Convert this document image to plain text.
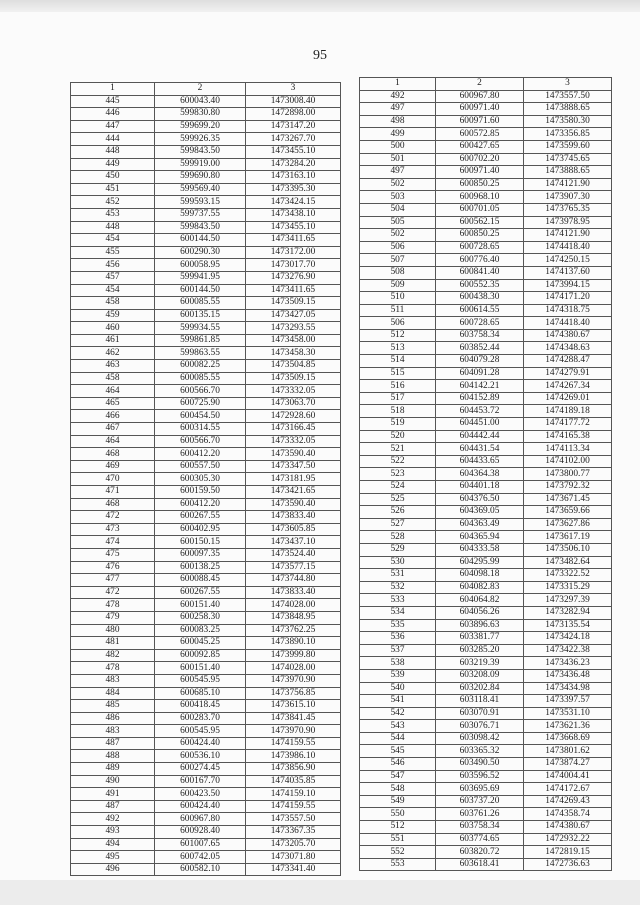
95
1	2	3
445	600043.40	1473008.40
446	599830.80	1472898.00
447	599699.20	1473147.20
444	599926.35	1473267.70
448	599843.50	1473455.10
449	599919.00	1473284.20
450	599690.80	1473163.10
451	599569.40	1473395.30
452	599593.15	1473424.15
453	599737.55	1473438.10
448	599843.50	1473455.10
454	600144.50	1473411.65
455	600290.30	1473172.00
456	600058.95	1473017.70
457	599941.95	1473276.90
454	600144.50	1473411.65
458	600085.55	1473509.15
459	600135.15	1473427.05
460	599934.55	1473293.55
461	599861.85	1473458.00
462	599863.55	1473458.30
463	600082.25	1473504.85
458	600085.55	1473509.15
464	600566.70	1473332.05
465	600725.90	1473063.70
466	600454.50	1472928.60
467	600314.55	1473166.45
464	600566.70	1473332.05
468	600412.20	1473590.40
469	600557.50	1473347.50
470	600305.30	1473181.95
471	600159.50	1473421.65
468	600412.20	1473590.40
472	600267.55	1473833.40
473	600402.95	1473605.85
474	600150.15	1473437.10
475	600097.35	1473524.40
476	600138.25	1473577.15
477	600088.45	1473744.80
472	600267.55	1473833.40
478	600151.40	1474028.00
479	600258.30	1473848.95
480	600083.25	1473762.25
481	600045.25	1473890.10
482	600092.85	1473999.80
478	600151.40	1474028.00
483	600545.95	1473970.90
484	600685.10	1473756.85
485	600418.45	1473615.10
486	600283.70	1473841.45
483	600545.95	1473970.90
487	600424.40	1474159.55
488	600536.10	1473986.10
489	600274.45	1473856.90
490	600167.70	1474035.85
491	600423.50	1474159.10
487	600424.40	1474159.55
492	600967.80	1473557.50
493	600928.40	1473367.35
494	601007.65	1473205.70
495	600742.05	1473071.80
496	600582.10	1473341.40
1	2	3
492	600967.80	1473557.50
497	600971.40	1473888.65
498	600971.60	1473580.30
499	600572.85	1473356.85
500	600427.65	1473599.60
501	600702.20	1473745.65
497	600971.40	1473888.65
502	600850.25	1474121.90
503	600968.10	1473907.30
504	600701.05	1473765.35
505	600562.15	1473978.95
502	600850.25	1474121.90
506	600728.65	1474418.40
507	600776.40	1474250.15
508	600841.40	1474137.60
509	600552.35	1473994.15
510	600438.30	1474171.20
511	600614.55	1474318.75
506	600728.65	1474418.40
512	603758.34	1474380.67
513	603852.44	1474348.63
514	604079.28	1474288.47
515	604091.28	1474279.91
516	604142.21	1474267.34
517	604152.89	1474269.01
518	604453.72	1474189.18
519	604451.00	1474177.72
520	604442.44	1474165.38
521	604431.54	1474113.34
522	604433.65	1474102.00
523	604364.38	1473800.77
524	604401.18	1473792.32
525	604376.50	1473671.45
526	604369.05	1473659.66
527	604363.49	1473627.86
528	604365.94	1473617.19
529	604333.58	1473506.10
530	604295.99	1473482.64
531	604098.18	1473322.52
532	604082.83	1473315.29
533	604064.82	1473297.39
534	604056.26	1473282.94
535	603896.63	1473135.54
536	603381.77	1473424.18
537	603285.20	1473422.38
538	603219.39	1473436.23
539	603208.09	1473436.48
540	603202.84	1473434.98
541	603118.41	1473397.57
542	603070.91	1473531.10
543	603076.71	1473621.36
544	603098.42	1473668.69
545	603365.32	1473801.62
546	603490.50	1473874.27
547	603596.52	1474004.41
548	603695.69	1474172.67
549	603737.20	1474269.43
550	603761.26	1474358.74
512	603758.34	1474380.67
551	603774.65	1472932.22
552	603820.72	1472819.15
553	603618.41	1472736.63
